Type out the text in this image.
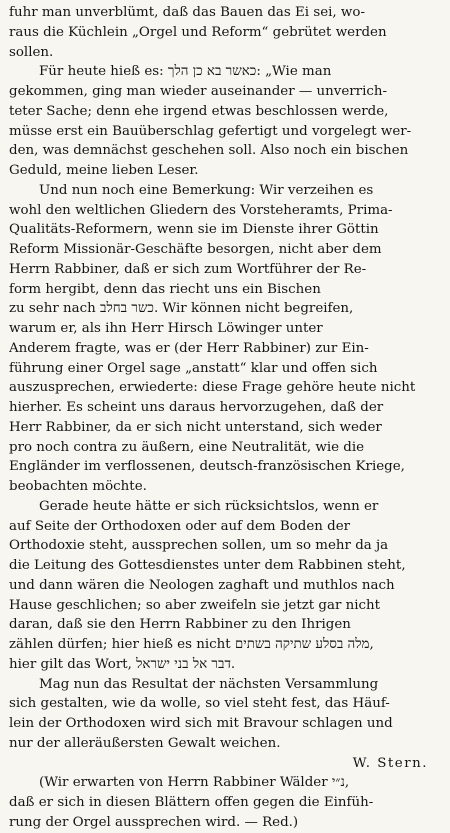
fuhr man unverblümt, daß das Bauen das Ei sei, wo-
raus die Küchlein „Orgel und Reform“ gebrütet werden
sollen.

Für heute hieß es: כאשר בא כן הלך: „Wie man
gekommen, ging man wieder auseinander — unverrich-
teter Sache; denn ehe irgend etwas beschlossen werde,
müsse erst ein Bauüberschlag gefertigt und vorgelegt wer-
den, was demnächst geschehen soll. Also noch ein bischen
Geduld, meine lieben Leser.

Und nun noch eine Bemerkung: Wir verzeihen es
wohl den weltlichen Gliedern des Vorsteheramts, Prima-
Qualitäts-Reformern, wenn sie im Dienste ihrer Göttin
Reform Missionär-Geschäfte besorgen, nicht aber dem
Herrn Rabbiner, daß er sich zum Wortführer der Re-
form hergibt, denn das riecht uns ein Bischen
zu sehr nach כשר בחלב. Wir können nicht begreifen,
warum er, als ihn Herr Hirsch Löwinger unter
Anderem fragte, was er (der Herr Rabbiner) zur Ein-
führung einer Orgel sage „anstatt“ klar und offen sich
auszusprechen, erwiederte: diese Frage gehöre heute nicht
hierher. Es scheint uns daraus hervorzugehen, daß der
Herr Rabbiner, da er sich nicht unterstand, sich weder
pro noch contra zu äußern, eine Neutralität, wie die
Engländer im verflossenen, deutsch-französischen Kriege,
beobachten möchte.

Gerade heute hätte er sich rücksichtslos, wenn er
auf Seite der Orthodoxen oder auf dem Boden der
Orthodoxie steht, aussprechen sollen, um so mehr da ja
die Leitung des Gottesdienstes unter dem Rabbinen steht,
und dann wären die Neologen zaghaft und muthlos nach
Hause geschlichen; so aber zweifeln sie jetzt gar nicht
daran, daß sie den Herrn Rabbiner zu den Ihrigen
zählen dürfen; hier hieß es nicht מלה בסלע שתיקה בשתים,
hier gilt das Wort, דבר אל בני ישראל.

Mag nun das Resultat der nächsten Versammlung
sich gestalten, wie da wolle, so viel steht fest, das Häuf-
lein der Orthodoxen wird sich mit Bravour schlagen und
nur der alleräußersten Gewalt weichen.

W. Stern.

(Wir erwarten von Herrn Rabbiner Wälder נ״י,
daß er sich in diesen Blättern offen gegen die Einfüh-
rung der Orgel aussprechen wird. — Red.)
